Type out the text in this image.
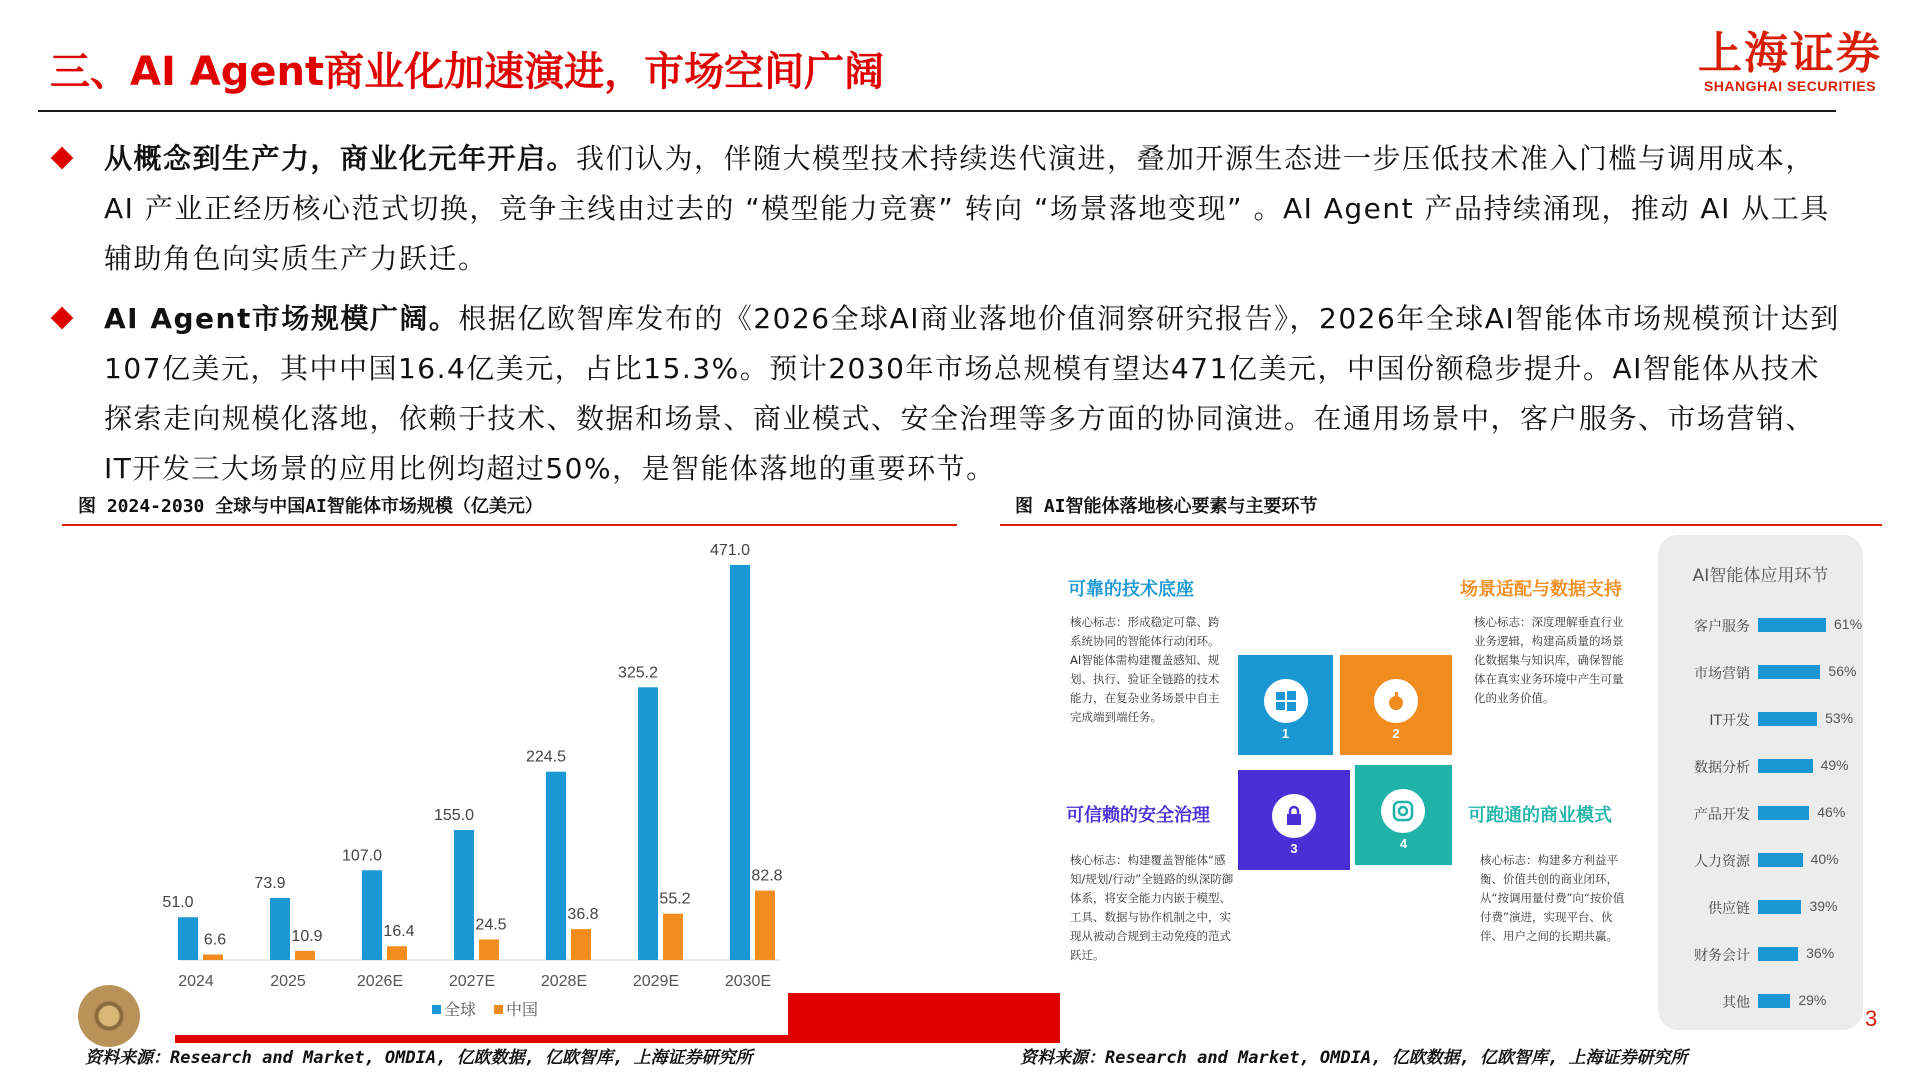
三、AI Agent商业化加速演进，市场空间广阔	上海证券
SHANGHAI SECURITIES
从概念到生产力，商业化元年开启。我们认为，伴随大模型技术持续迭代演进，叠加开源生态进一步压低技术准入门槛与调用成本，AI 产业正经历核心范式切换，竞争主线由过去的 “模型能力竞赛” 转向 “场景落地变现” 。AI Agent 产品持续涌现，推动 AI 从工具辅助角色向实质生产力跃迁。
AI Agent市场规模广阔。根据亿欧智库发布的《2026全球AI商业落地价值洞察研究报告》，2026年全球AI智能体市场规模预计达到107亿美元，其中中国16.4亿美元，占比15.3%。预计2030年市场总规模有望达471亿美元，中国份额稳步提升。AI智能体从技术探索走向规模化落地，依赖于技术、数据和场景、商业模式、安全治理等多方面的协同演进。在通用场景中，客户服务、市场营销、IT开发三大场景的应用比例均超过50%，是智能体落地的重要环节。
图 2024-2030 全球与中国AI智能体市场规模（亿美元）	图 AI智能体落地核心要素与主要环节
51.0
6.6
2024
73.9
10.9
2025
107.0
16.4
2026E
155.0
24.5
2027E
224.5
36.8
2028E
325.2
55.2
2029E
471.0
82.8
2030E
全球 中国
可靠的技术底座
核心标志：形成稳定可靠、跨系统协同的智能体行动闭环。AI智能体需构建覆盖感知、规划、执行、验证全链路的技术能力，在复杂业务场景中自主完成端到端任务。
场景适配与数据支持
核心标志：深度理解垂直行业业务逻辑，构建高质量的场景化数据集与知识库，确保智能体在真实业务环境中产生可量化的业务价值。
可信赖的安全治理
核心标志：构建覆盖智能体“感知/规划/行动”全链路的纵深防御体系，将安全能力内嵌于模型、工具、数据与协作机制之中，实现从被动合规到主动免疫的范式跃迁。
可跑通的商业模式
核心标志：构建多方利益平衡、价值共创的商业闭环，从“按调用量付费”向“按价值付费”演进，实现平台、伙伴、用户之间的长期共赢。
1	2
3	4
AI智能体应用环节
客户服务	61%
市场营销	56%
IT开发	53%
数据分析	49%
产品开发	46%
人力资源	40%
供应链	39%
财务会计	36%
其他	29%
3
资料来源：Research and Market, OMDIA, 亿欧数据, 亿欧智库, 上海证券研究所	资料来源：Research and Market, OMDIA, 亿欧数据, 亿欧智库, 上海证券研究所
